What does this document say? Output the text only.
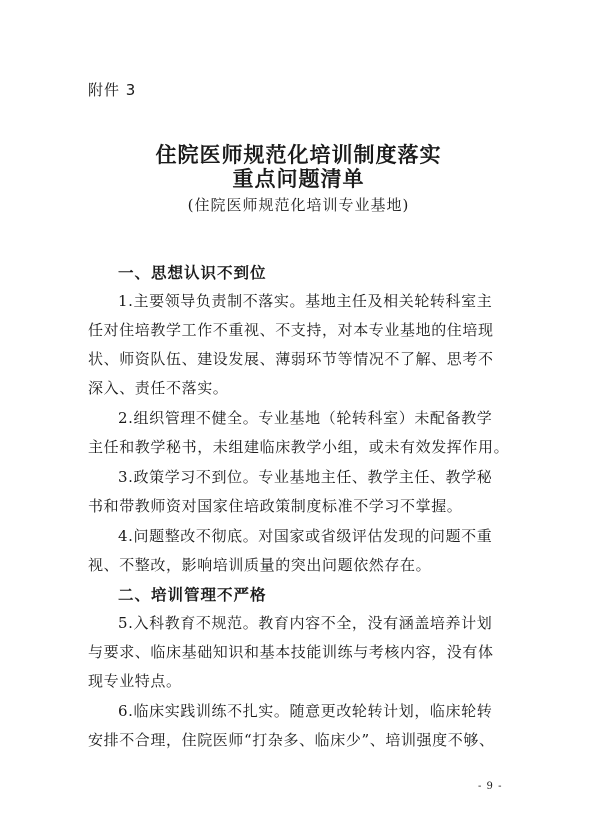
附件 3
住院医师规范化培训制度落实
重点问题清单
(住院医师规范化培训专业基地)
一、思想认识不到位
1.主要领导负责制不落实。基地主任及相关轮转科室主
任对住培教学工作不重视、不支持，对本专业基地的住培现
状、师资队伍、建设发展、薄弱环节等情况不了解、思考不
深入、责任不落实。
2.组织管理不健全。专业基地（轮转科室）未配备教学
主任和教学秘书，未组建临床教学小组，或未有效发挥作用。
3.政策学习不到位。专业基地主任、教学主任、教学秘
书和带教师资对国家住培政策制度标准不学习不掌握。
4.问题整改不彻底。对国家或省级评估发现的问题不重
视、不整改，影响培训质量的突出问题依然存在。
二、培训管理不严格
5.入科教育不规范。教育内容不全，没有涵盖培养计划
与要求、临床基础知识和基本技能训练与考核内容，没有体
现专业特点。
6.临床实践训练不扎实。随意更改轮转计划，临床轮转
安排不合理，住院医师“打杂多、临床少”、培训强度不够、
- 9 -
